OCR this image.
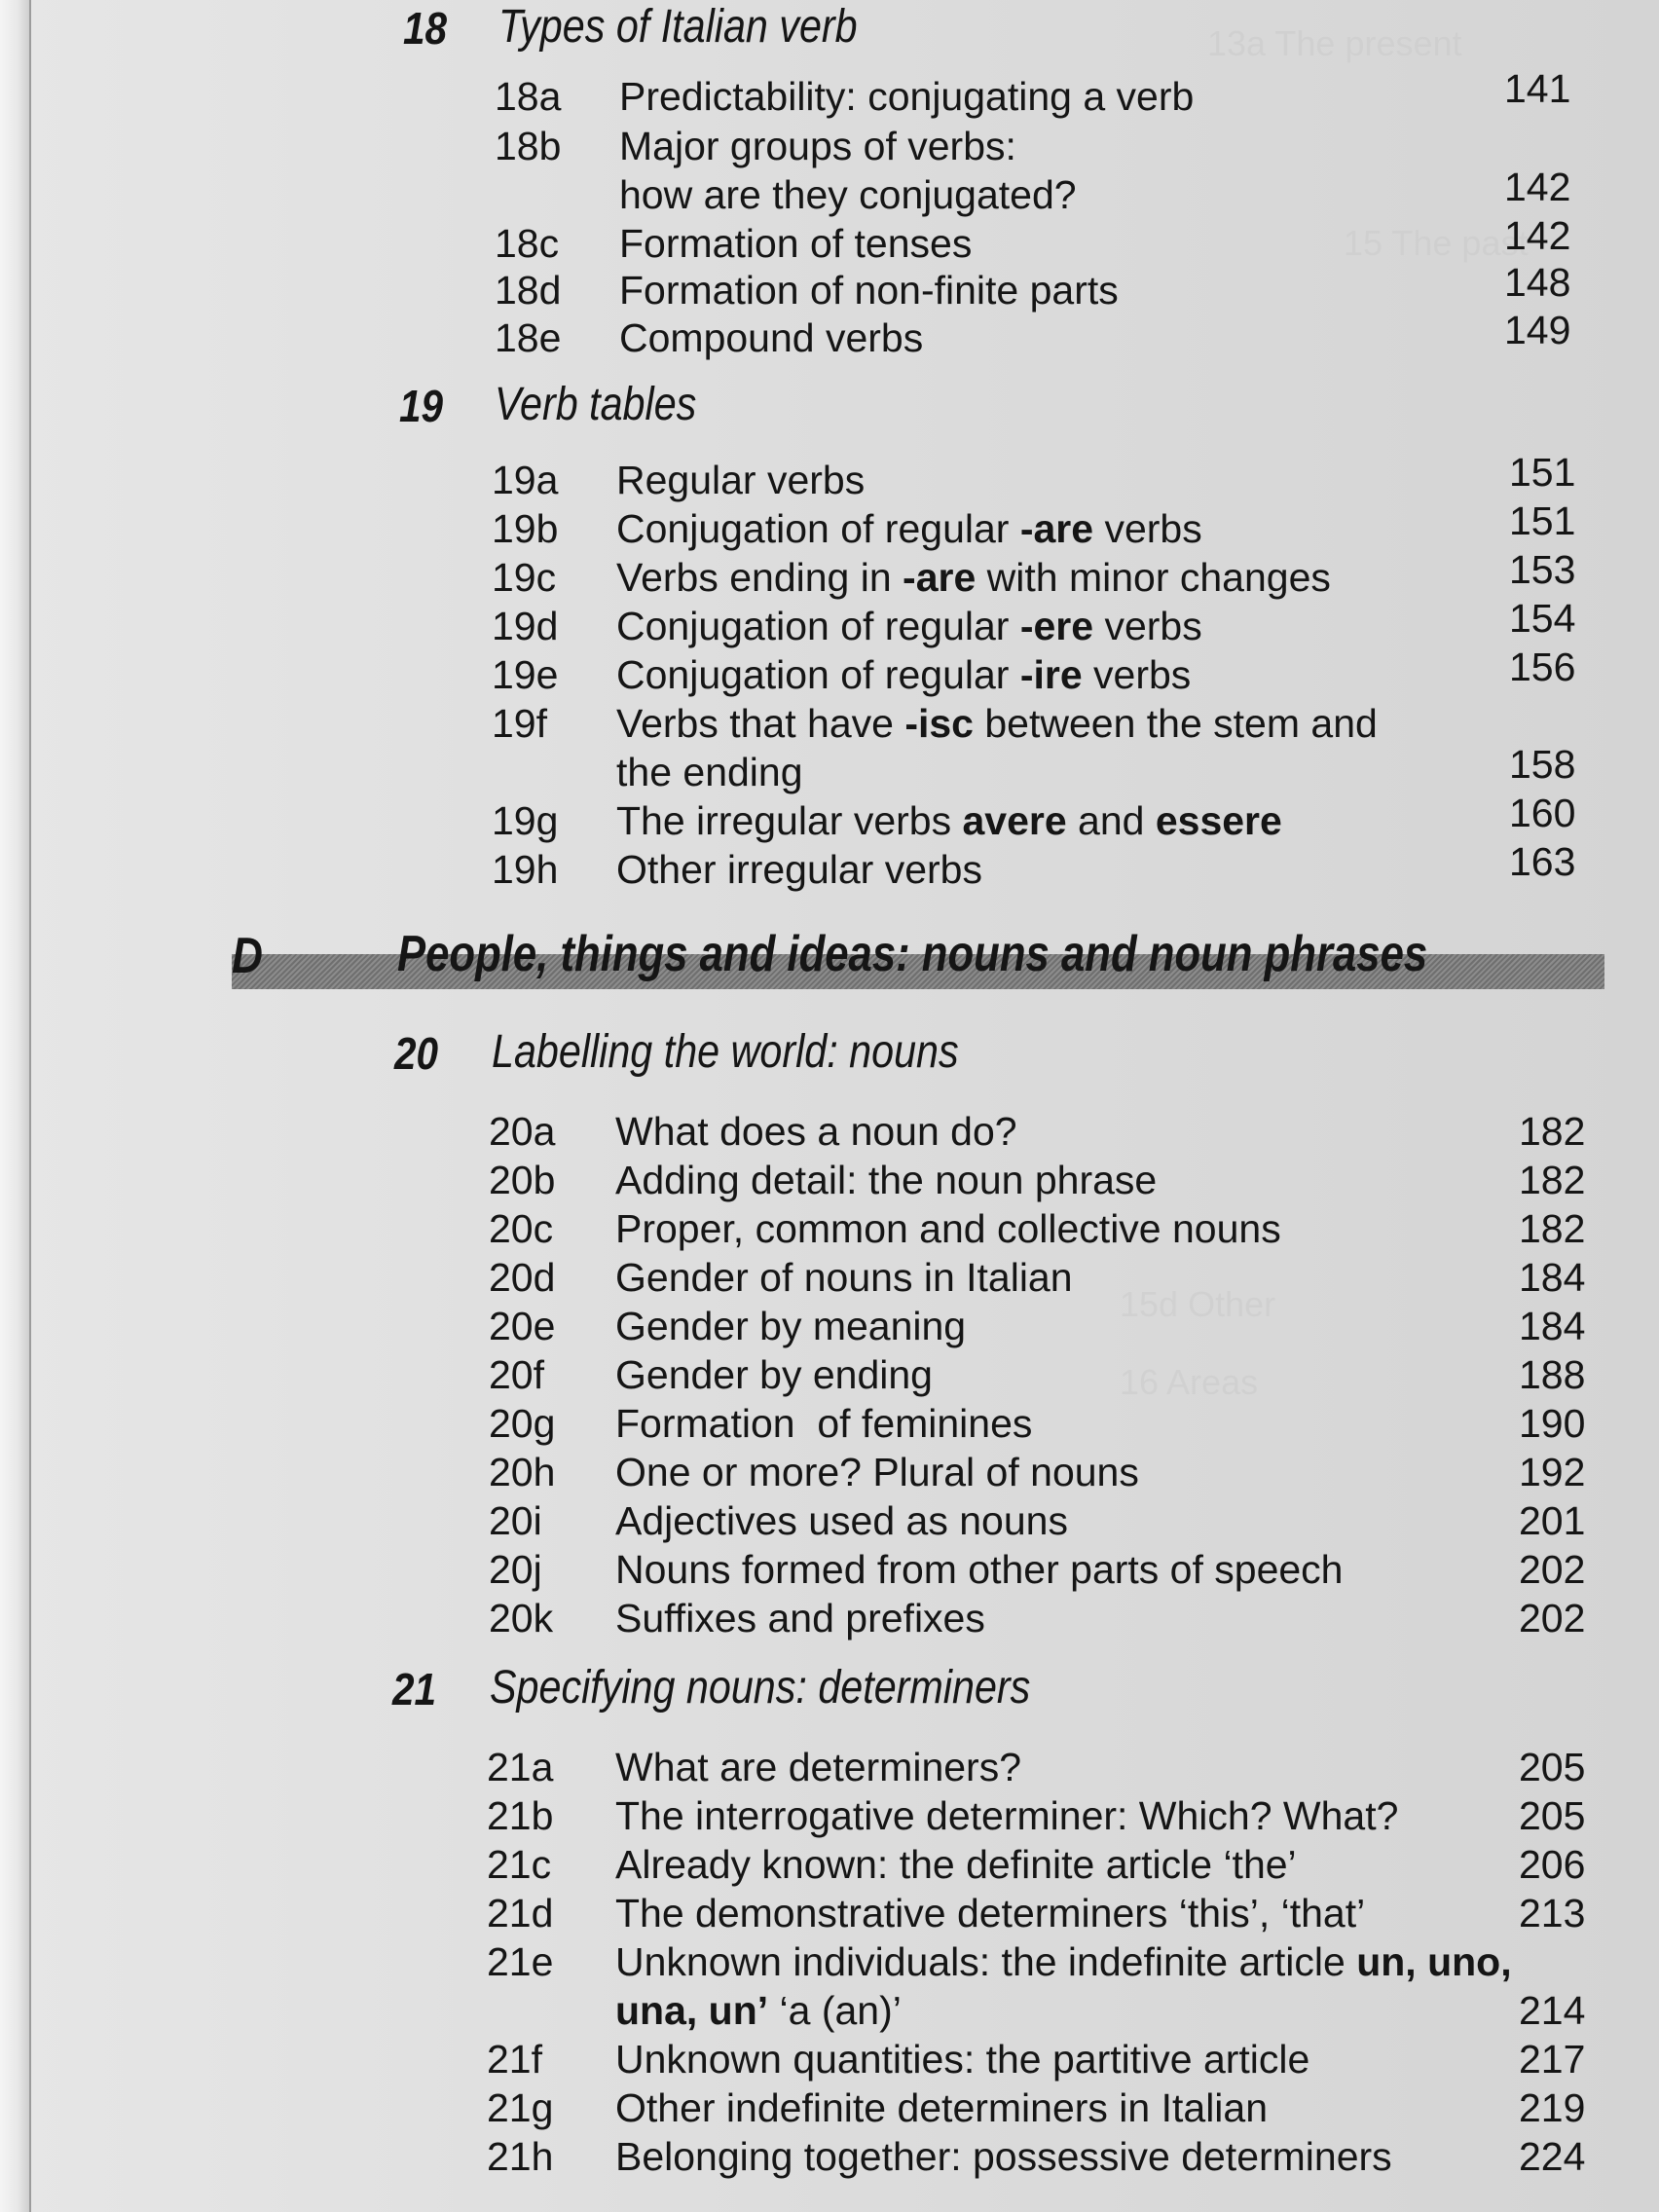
13a The present
15 The past
15d Other
16 Areas
18 Types of Italian verb
18a Predictability: conjugating a verb	141
18b Major groups of verbs:
how are they conjugated?	142
18c Formation of tenses	142
18d Formation of non-finite parts	148
18e Compound verbs	149
19 Verb tables
19a Regular verbs	151
19b Conjugation of regular -are verbs	151
19c Verbs ending in -are with minor changes	153
19d Conjugation of regular -ere verbs	154
19e Conjugation of regular -ire verbs	156
19f Verbs that have -isc between the stem and
the ending	158
19g The irregular verbs avere and essere	160
19h Other irregular verbs	163
D	People, things and ideas: nouns and noun phrases
20 Labelling the world: nouns
20a What does a noun do?	182
20b Adding detail: the noun phrase	182
20c Proper, common and collective nouns	182
20d Gender of nouns in Italian	184
20e Gender by meaning	184
20f Gender by ending	188
20g Formation  of feminines	190
20h One or more? Plural of nouns	192
20i Adjectives used as nouns	201
20j Nouns formed from other parts of speech	202
20k Suffixes and prefixes	202
21 Specifying nouns: determiners
21a What are determiners?	205
21b The interrogative determiner: Which? What?	205
21c Already known: the definite article ‘the’	206
21d The demonstrative determiners ‘this’, ‘that’	213
21e Unknown individuals: the indefinite article un, uno,
una, un’ ‘a (an)’	214
21f Unknown quantities: the partitive article	217
21g Other indefinite determiners in Italian	219
21h Belonging together: possessive determiners	224
